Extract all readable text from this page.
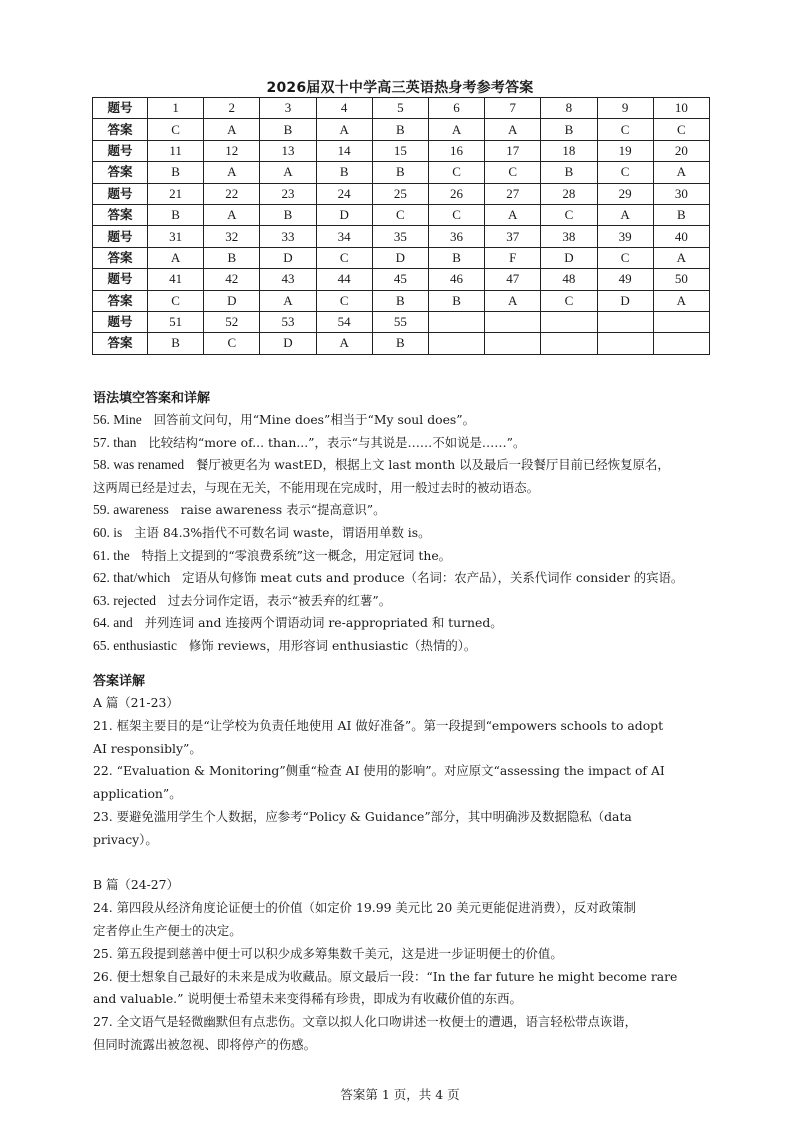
2026届双十中学高三英语热身考参考答案
题号	1	2	3	4	5	6	7	8	9	10
答案	C	A	B	A	B	A	A	B	C	C
题号	11	12	13	14	15	16	17	18	19	20
答案	B	A	A	B	B	C	C	B	C	A
题号	21	22	23	24	25	26	27	28	29	30
答案	B	A	B	D	C	C	A	C	A	B
题号	31	32	33	34	35	36	37	38	39	40
答案	A	B	D	C	D	B	F	D	C	A
题号	41	42	43	44	45	46	47	48	49	50
答案	C	D	A	C	B	B	A	C	D	A
题号	51	52	53	54	55					
答案	B	C	D	A	B					
语法填空答案和详解
56. Mine 回答前文问句，用“Mine does”相当于“My soul does”。
57. than 比较结构“more of... than...”，表示“与其说是……不如说是……”。
58. was renamed 餐厅被更名为 wastED，根据上文 last month 以及最后一段餐厅目前已经恢复原名，
这两周已经是过去，与现在无关，不能用现在完成时，用一般过去时的被动语态。
59. awareness raise awareness 表示“提高意识”。
60. is 主语 84.3%指代不可数名词 waste，谓语用单数 is。
61. the 特指上文提到的“零浪费系统”这一概念，用定冠词 the。
62. that/which 定语从句修饰 meat cuts and produce（名词：农产品），关系代词作 consider 的宾语。
63. rejected 过去分词作定语，表示“被丢弃的红薯”。
64. and 并列连词 and 连接两个谓语动词 re-appropriated 和 turned。
65. enthusiastic 修饰 reviews，用形容词 enthusiastic（热情的）。
答案详解
A 篇（21-23）
21. 框架主要目的是“让学校为负责任地使用 AI 做好准备”。第一段提到“empowers schools to adopt
AI responsibly”。
22. “Evaluation & Monitoring”侧重“检查 AI 使用的影响”。对应原文“assessing the impact of AI
application”。
23. 要避免滥用学生个人数据，应参考“Policy & Guidance”部分，其中明确涉及数据隐私（data
privacy）。
B 篇（24-27）
24. 第四段从经济角度论证便士的价值（如定价 19.99 美元比 20 美元更能促进消费），反对政策制
定者停止生产便士的决定。
25. 第五段提到慈善中便士可以积少成多筹集数千美元，这是进一步证明便士的价值。
26. 便士想象自己最好的未来是成为收藏品。原文最后一段：“In the far future he might become rare
and valuable.” 说明便士希望未来变得稀有珍贵，即成为有收藏价值的东西。
27. 全文语气是轻微幽默但有点悲伤。文章以拟人化口吻讲述一枚便士的遭遇，语言轻松带点诙谐，
但同时流露出被忽视、即将停产的伤感。
答案第 1 页，共 4 页
